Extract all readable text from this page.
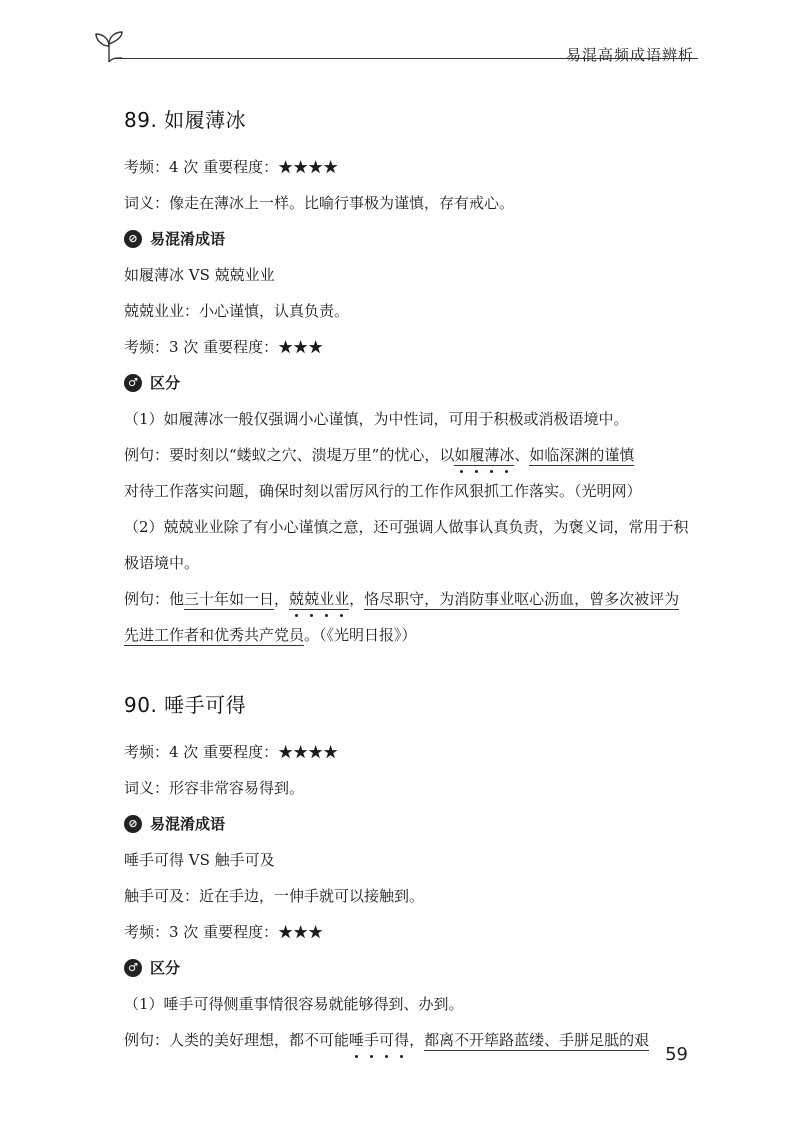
易混高频成语辨析
89. 如履薄冰

考频：4 次 重要程度：★★★★

词义：像走在薄冰上一样。比喻行事极为谨慎，存有戒心。

⊘ 易混淆成语

如履薄冰 VS 兢兢业业

兢兢业业：小心谨慎，认真负责。

考频：3 次 重要程度：★★★

♂ 区分

（1）如履薄冰一般仅强调小心谨慎，为中性词，可用于积极或消极语境中。

例句：要时刻以“蝼蚁之穴、溃堤万里”的忧心，以如履薄冰、如临深渊的谨慎
对待工作落实问题，确保时刻以雷厉风行的工作作风狠抓工作落实。（光明网）

（2）兢兢业业除了有小心谨慎之意，还可强调人做事认真负责，为褒义词，常用于积极语境中。

例句：他三十年如一日，兢兢业业，恪尽职守，为消防事业呕心沥血，曾多次被评为先进工作者和优秀共产党员。（《光明日报》）

90. 唾手可得

考频：4 次 重要程度：★★★★

词义：形容非常容易得到。

⊘ 易混淆成语

唾手可得 VS 触手可及

触手可及：近在手边，一伸手就可以接触到。

考频：3 次 重要程度：★★★

♂ 区分

（1）唾手可得侧重事情很容易就能够得到、办到。

例句：人类的美好理想，都不可能唾手可得，都离不开筚路蓝缕、手胼足胝的艰

59
